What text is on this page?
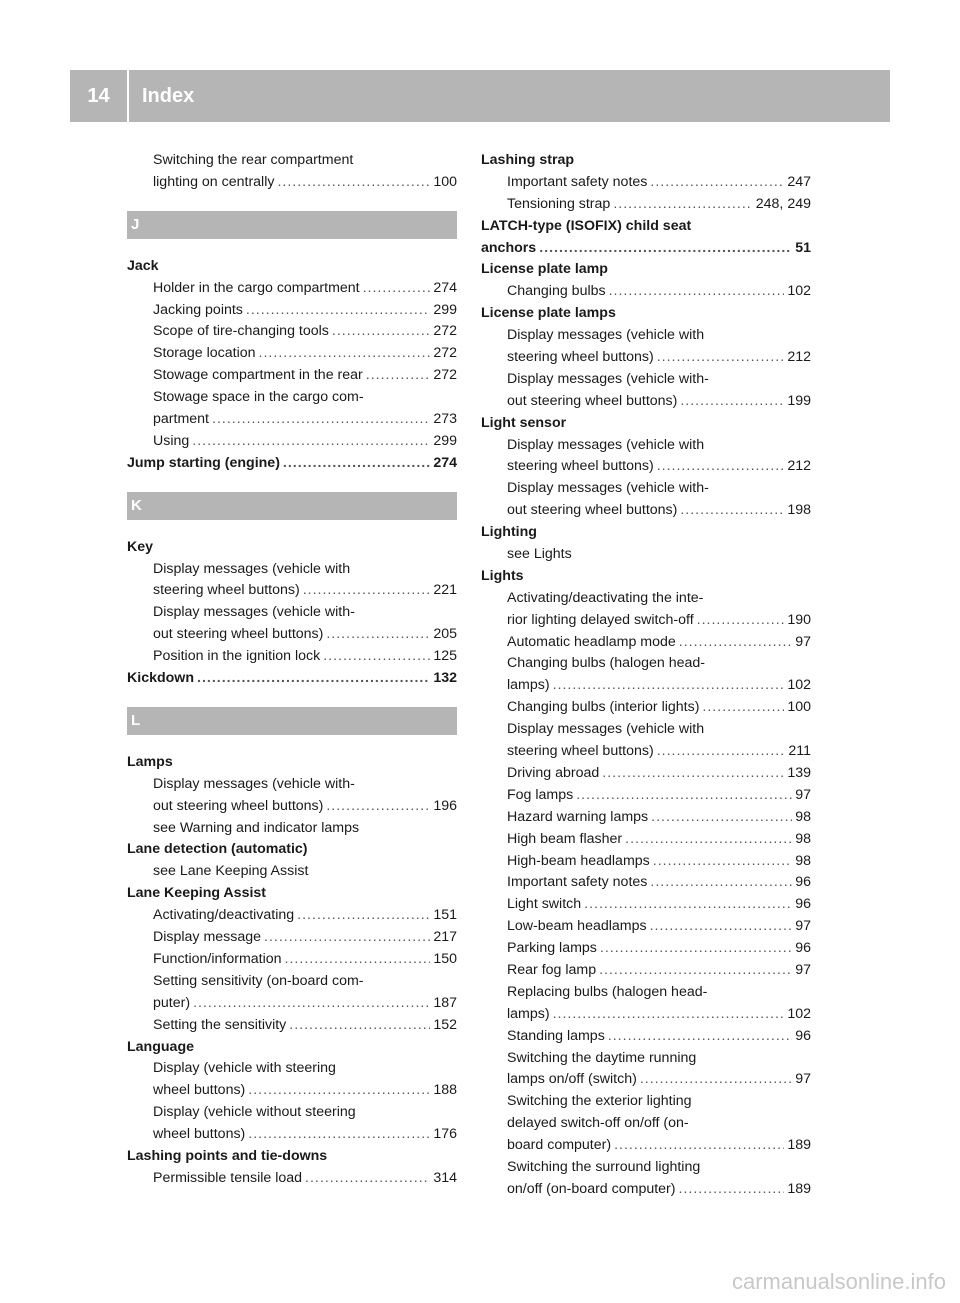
14	Index
Switching the rear compartment
lighting on centrally .....	100
J
Jack
Holder in the cargo compartment .....	274
Jacking points .....	299
Scope of tire-changing tools .....	272
Storage location .....	272
Stowage compartment in the rear .....	272
Stowage space in the cargo com-
partment .....	273
Using .....	299
Jump starting (engine) .....	274
K
Key
Display messages (vehicle with
steering wheel buttons) .....	221
Display messages (vehicle with-
out steering wheel buttons) .....	205
Position in the ignition lock .....	125
Kickdown .....	132
L
Lamps
Display messages (vehicle with-
out steering wheel buttons) .....	196
see Warning and indicator lamps
Lane detection (automatic)
see Lane Keeping Assist
Lane Keeping Assist
Activating/deactivating .....	151
Display message .....	217
Function/information .....	150
Setting sensitivity (on-board com-
puter) .....	187
Setting the sensitivity .....	152
Language
Display (vehicle with steering
wheel buttons) .....	188
Display (vehicle without steering
wheel buttons) .....	176
Lashing points and tie-downs
Permissible tensile load .....	314
Lashing strap
Important safety notes .....	247
Tensioning strap .....	248, 249
LATCH-type (ISOFIX) child seat
anchors .....	51
License plate lamp
Changing bulbs .....	102
License plate lamps
Display messages (vehicle with
steering wheel buttons) .....	212
Display messages (vehicle with-
out steering wheel buttons) .....	199
Light sensor
Display messages (vehicle with
steering wheel buttons) .....	212
Display messages (vehicle with-
out steering wheel buttons) .....	198
Lighting
see Lights
Lights
Activating/deactivating the inte-
rior lighting delayed switch-off .....	190
Automatic headlamp mode .....	97
Changing bulbs (halogen head-
lamps) .....	102
Changing bulbs (interior lights) .....	100
Display messages (vehicle with
steering wheel buttons) .....	211
Driving abroad .....	139
Fog lamps .....	97
Hazard warning lamps .....	98
High beam flasher .....	98
High-beam headlamps .....	98
Important safety notes .....	96
Light switch .....	96
Low-beam headlamps .....	97
Parking lamps .....	96
Rear fog lamp .....	97
Replacing bulbs (halogen head-
lamps) .....	102
Standing lamps .....	96
Switching the daytime running
lamps on/off (switch) .....	97
Switching the exterior lighting
delayed switch-off on/off (on-
board computer) .....	189
Switching the surround lighting
on/off (on-board computer) .....	189
carmanualsonline.info
